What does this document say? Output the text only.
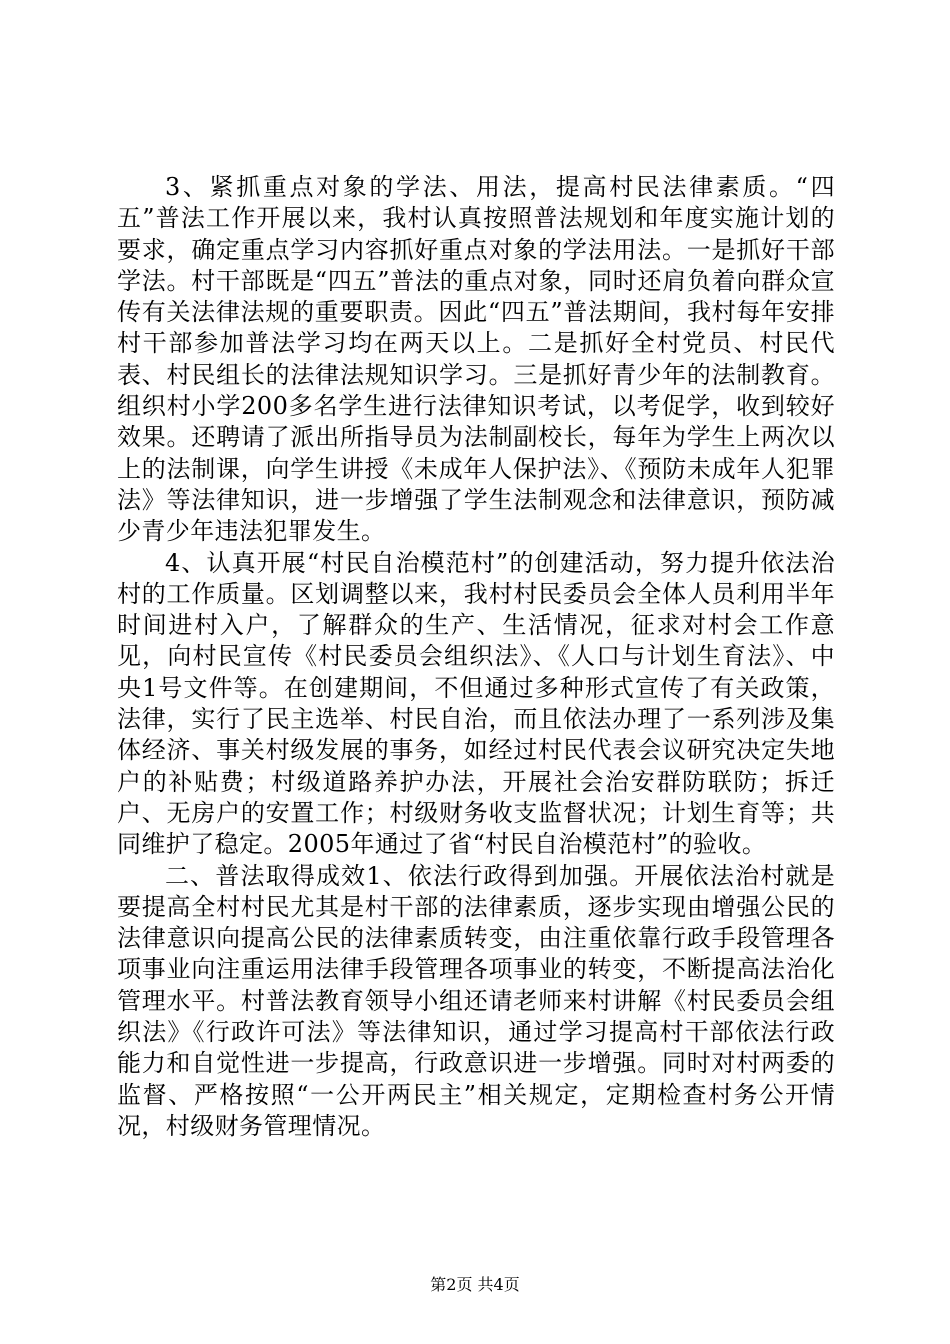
3、紧抓重点对象的学法、用法，提高村民法律素质。“四五”普法工作开展以来，我村认真按照普法规划和年度实施计划的要求，确定重点学习内容抓好重点对象的学法用法。一是抓好干部学法。村干部既是“四五”普法的重点对象，同时还肩负着向群众宣传有关法律法规的重要职责。因此“四五”普法期间，我村每年安排村干部参加普法学习均在两天以上。二是抓好全村党员、村民代表、村民组长的法律法规知识学习。三是抓好青少年的法制教育。组织村小学200多名学生进行法律知识考试，以考促学，收到较好效果。还聘请了派出所指导员为法制副校长，每年为学生上两次以上的法制课，向学生讲授《未成年人保护法》、《预防未成年人犯罪法》等法律知识，进一步增强了学生法制观念和法律意识，预防减少青少年违法犯罪发生。

4、认真开展“村民自治模范村”的创建活动，努力提升依法治村的工作质量。区划调整以来，我村村民委员会全体人员利用半年时间进村入户，了解群众的生产、生活情况，征求对村会工作意见，向村民宣传《村民委员会组织法》、《人口与计划生育法》、中央1号文件等。在创建期间，不但通过多种形式宣传了有关政策，法律，实行了民主选举、村民自治，而且依法办理了一系列涉及集体经济、事关村级发展的事务，如经过村民代表会议研究决定失地户的补贴费；村级道路养护办法，开展社会治安群防联防；拆迁户、无房户的安置工作；村级财务收支监督状况；计划生育等；共同维护了稳定。2005年通过了省“村民自治模范村”的验收。

二、普法取得成效1、依法行政得到加强。开展依法治村就是要提高全村村民尤其是村干部的法律素质，逐步实现由增强公民的法律意识向提高公民的法律素质转变，由注重依靠行政手段管理各项事业向注重运用法律手段管理各项事业的转变，不断提高法治化管理水平。村普法教育领导小组还请老师来村讲解《村民委员会组织法》《行政许可法》等法律知识，通过学习提高村干部依法行政能力和自觉性进一步提高，行政意识进一步增强。同时对村两委的监督、严格按照“一公开两民主”相关规定，定期检查村务公开情况，村级财务管理情况。

第2页 共4页
